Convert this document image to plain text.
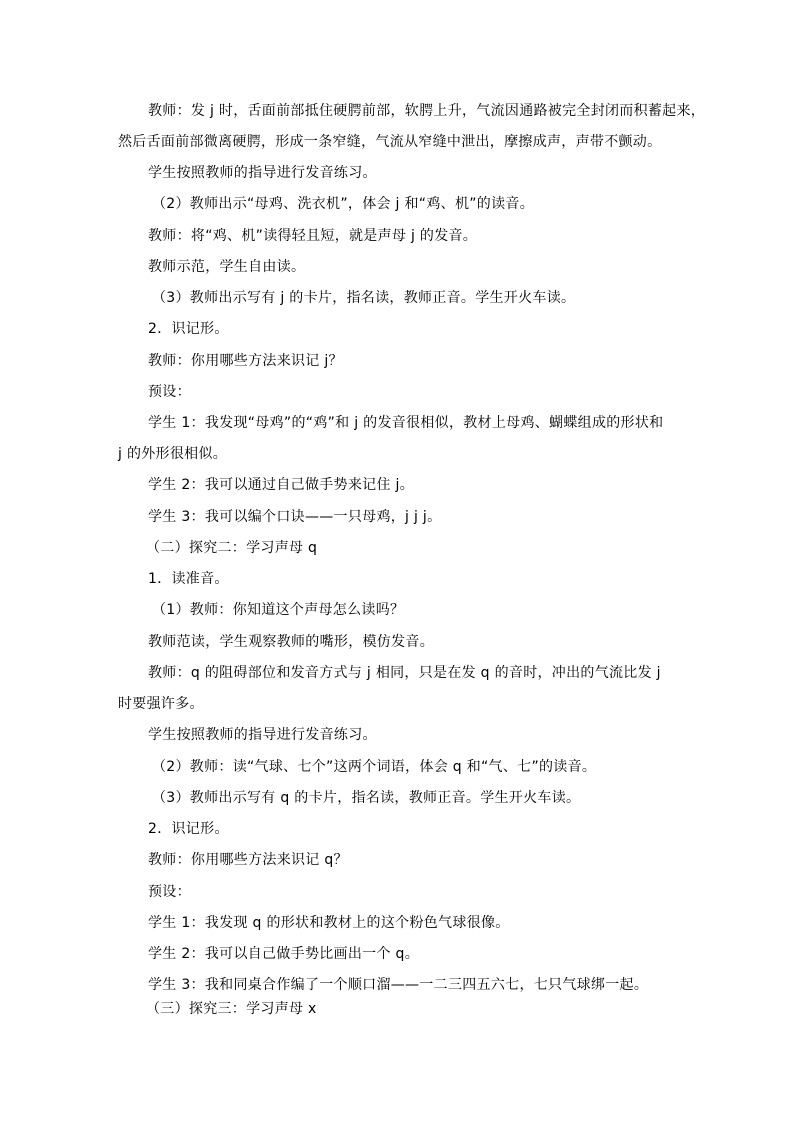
教师：发 j 时，舌面前部抵住硬腭前部，软腭上升，气流因通路被完全封闭而积蓄起来，
然后舌面前部微离硬腭，形成一条窄缝，气流从窄缝中泄出，摩擦成声，声带不颤动。
学生按照教师的指导进行发音练习。
（2）教师出示“母鸡、洗衣机”，体会 j 和“鸡、机”的读音。
教师：将“鸡、机”读得轻且短，就是声母 j 的发音。
教师示范，学生自由读。
（3）教师出示写有 j 的卡片，指名读，教师正音。学生开火车读。
2．识记形。
教师：你用哪些方法来识记 j？
预设：
学生 1：我发现“母鸡”的“鸡”和 j 的发音很相似，教材上母鸡、蝴蝶组成的形状和
j 的外形很相似。
学生 2：我可以通过自己做手势来记住 j。
学生 3：我可以编个口诀——一只母鸡，j j j。
（二）探究二：学习声母 q
1．读准音。
（1）教师：你知道这个声母怎么读吗？
教师范读，学生观察教师的嘴形，模仿发音。
教师：q 的阻碍部位和发音方式与 j 相同，只是在发 q 的音时，冲出的气流比发 j
时要强许多。
学生按照教师的指导进行发音练习。
（2）教师：读“气球、七个”这两个词语，体会 q 和“气、七”的读音。
（3）教师出示写有 q 的卡片，指名读，教师正音。学生开火车读。
2．识记形。
教师：你用哪些方法来识记 q？
预设：
学生 1：我发现 q 的形状和教材上的这个粉色气球很像。
学生 2：我可以自己做手势比画出一个 q。
学生 3：我和同桌合作编了一个顺口溜——一二三四五六七，七只气球绑一起。
（三）探究三：学习声母 x
